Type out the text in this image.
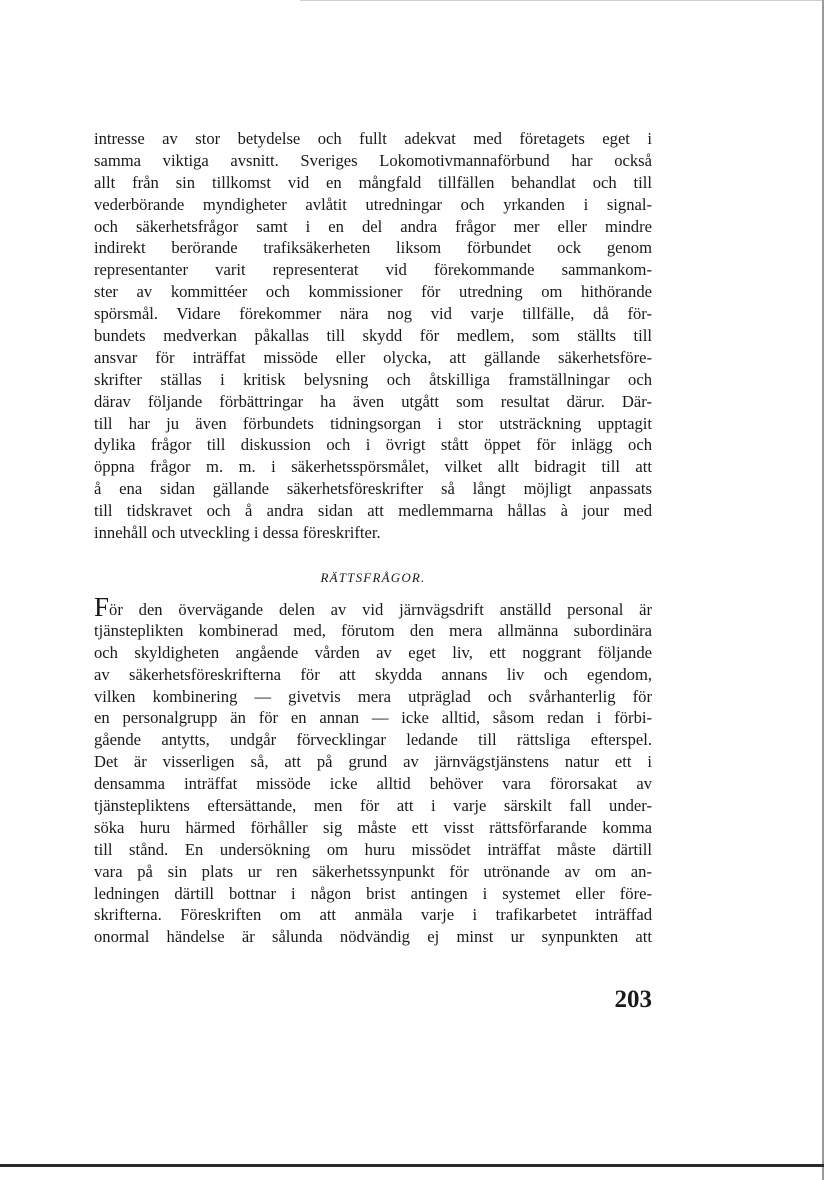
intresse av stor betydelse och fullt adekvat med företagets eget i
samma viktiga avsnitt. Sveriges Lokomotivmannaförbund har också
allt från sin tillkomst vid en mångfald tillfällen behandlat och till
vederbörande myndigheter avlåtit utredningar och yrkanden i signal-
och säkerhetsfrågor samt i en del andra frågor mer eller mindre
indirekt berörande trafiksäkerheten liksom förbundet ock genom
representanter varit representerat vid förekommande sammankom-
ster av kommittéer och kommissioner för utredning om hithörande
spörsmål. Vidare förekommer nära nog vid varje tillfälle, då för-
bundets medverkan påkallas till skydd för medlem, som ställts till
ansvar för inträffat missöde eller olycka, att gällande säkerhetsföre-
skrifter ställas i kritisk belysning och åtskilliga framställningar och
därav följande förbättringar ha även utgått som resultat därur. Där-
till har ju även förbundets tidningsorgan i stor utsträckning upptagit
dylika frågor till diskussion och i övrigt stått öppet för inlägg och
öppna frågor m. m. i säkerhetsspörsmålet, vilket allt bidragit till att
å ena sidan gällande säkerhetsföreskrifter så långt möjligt anpassats
till tidskravet och å andra sidan att medlemmarna hållas à jour med
innehåll och utveckling i dessa föreskrifter.
RÄTTSFRÅGOR.
För den övervägande delen av vid järnvägsdrift anställd personal är
tjänsteplikten kombinerad med, förutom den mera allmänna subordinära
och skyldigheten angående vården av eget liv, ett noggrant följande
av säkerhetsföreskrifterna för att skydda annans liv och egendom,
vilken kombinering — givetvis mera utpräglad och svårhanterlig för
en personalgrupp än för en annan — icke alltid, såsom redan i förbi-
gående antytts, undgår förvecklingar ledande till rättsliga efterspel.
Det är visserligen så, att på grund av järnvägstjänstens natur ett i
densamma inträffat missöde icke alltid behöver vara förorsakat av
tjänstepliktens eftersättande, men för att i varje särskilt fall under-
söka huru härmed förhåller sig måste ett visst rättsförfarande komma
till stånd. En undersökning om huru missödet inträffat måste därtill
vara på sin plats ur ren säkerhetssynpunkt för utrönande av om an-
ledningen därtill bottnar i någon brist antingen i systemet eller före-
skrifterna. Föreskriften om att anmäla varje i trafikarbetet inträffad
onormal händelse är sålunda nödvändig ej minst ur synpunkten att
203
